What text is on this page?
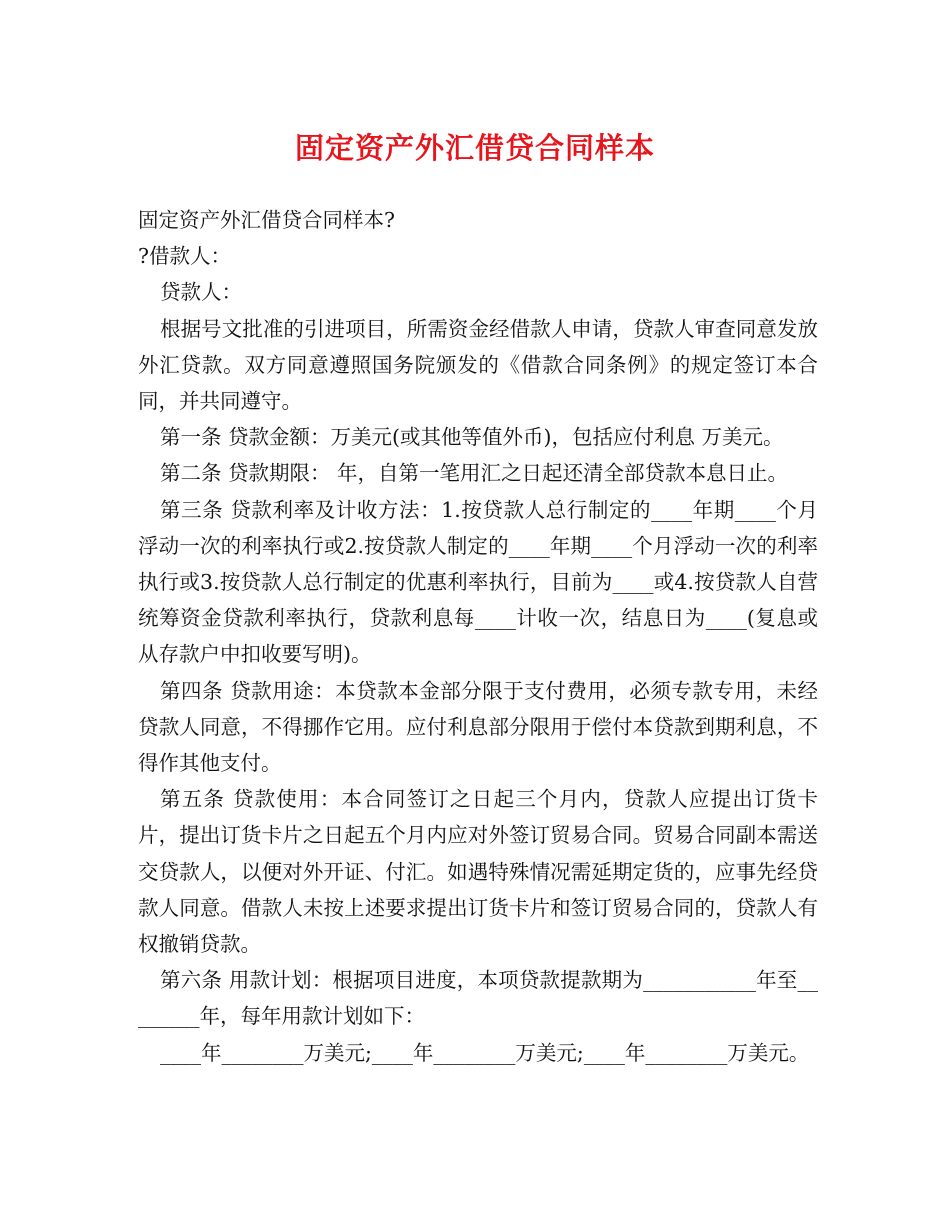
固定资产外汇借贷合同样本

固定资产外汇借贷合同样本?

?借款人：

贷款人：

根据号文批准的引进项目，所需资金经借款人申请，贷款人审查同意发放外汇贷款。双方同意遵照国务院颁发的《借款合同条例》的规定签订本合同，并共同遵守。

第一条 贷款金额：万美元(或其他等值外币)，包括应付利息 万美元。

第二条 贷款期限： 年，自第一笔用汇之日起还清全部贷款本息日止。

第三条 贷款利率及计收方法：1.按贷款人总行制定的____年期____个月浮动一次的利率执行或2.按贷款人制定的____年期____个月浮动一次的利率执行或3.按贷款人总行制定的优惠利率执行，目前为____或4.按贷款人自营统筹资金贷款利率执行，贷款利息每____计收一次，结息日为____(复息或从存款户中扣收要写明)。

第四条 贷款用途：本贷款本金部分限于支付费用，必须专款专用，未经贷款人同意，不得挪作它用。应付利息部分限用于偿付本贷款到期利息，不得作其他支付。

第五条 贷款使用：本合同签订之日起三个月内，贷款人应提出订货卡片，提出订货卡片之日起五个月内应对外签订贸易合同。贸易合同副本需送交贷款人，以便对外开证、付汇。如遇特殊情况需延期定货的，应事先经贷款人同意。借款人未按上述要求提出订货卡片和签订贸易合同的，贷款人有权撤销贷款。

第六条 用款计划：根据项目进度，本项贷款提款期为___________年至________年，每年用款计划如下：

____年________万美元;____年________万美元;____年________万美元。
